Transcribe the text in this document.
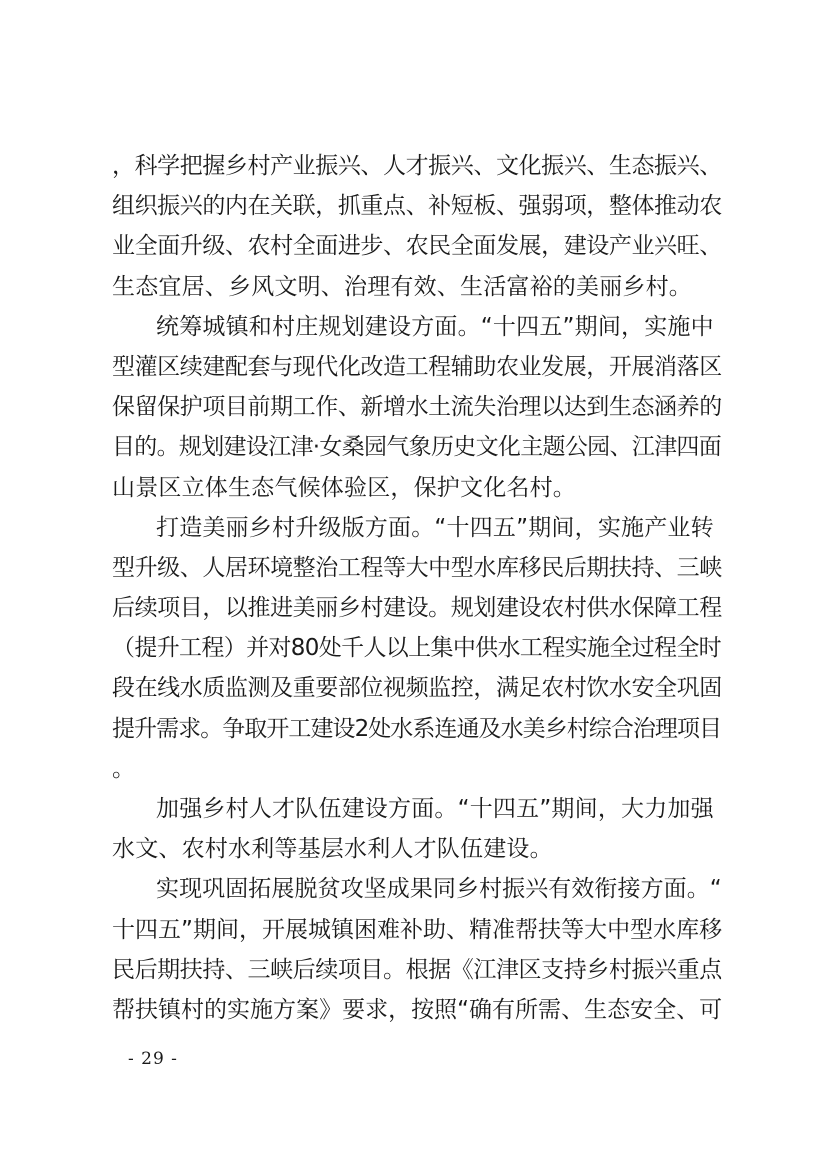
，科学把握乡村产业振兴、人才振兴、文化振兴、生态振兴、
组织振兴的内在关联，抓重点、补短板、强弱项，整体推动农
业全面升级、农村全面进步、农民全面发展，建设产业兴旺、
生态宜居、乡风文明、治理有效、生活富裕的美丽乡村。
统筹城镇和村庄规划建设方面。“十四五”期间，实施中
型灌区续建配套与现代化改造工程辅助农业发展，开展消落区
保留保护项目前期工作、新增水土流失治理以达到生态涵养的
目的。规划建设江津·女桑园气象历史文化主题公园、江津四面
山景区立体生态气候体验区，保护文化名村。
打造美丽乡村升级版方面。“十四五”期间，实施产业转
型升级、人居环境整治工程等大中型水库移民后期扶持、三峡
后续项目，以推进美丽乡村建设。规划建设农村供水保障工程
（提升工程）并对80处千人以上集中供水工程实施全过程全时
段在线水质监测及重要部位视频监控，满足农村饮水安全巩固
提升需求。争取开工建设2处水系连通及水美乡村综合治理项目
。
加强乡村人才队伍建设方面。“十四五”期间，大力加强
水文、农村水利等基层水利人才队伍建设。
实现巩固拓展脱贫攻坚成果同乡村振兴有效衔接方面。“
十四五”期间，开展城镇困难补助、精准帮扶等大中型水库移
民后期扶持、三峡后续项目。根据《江津区支持乡村振兴重点
帮扶镇村的实施方案》要求，按照“确有所需、生态安全、可
- 29 -
